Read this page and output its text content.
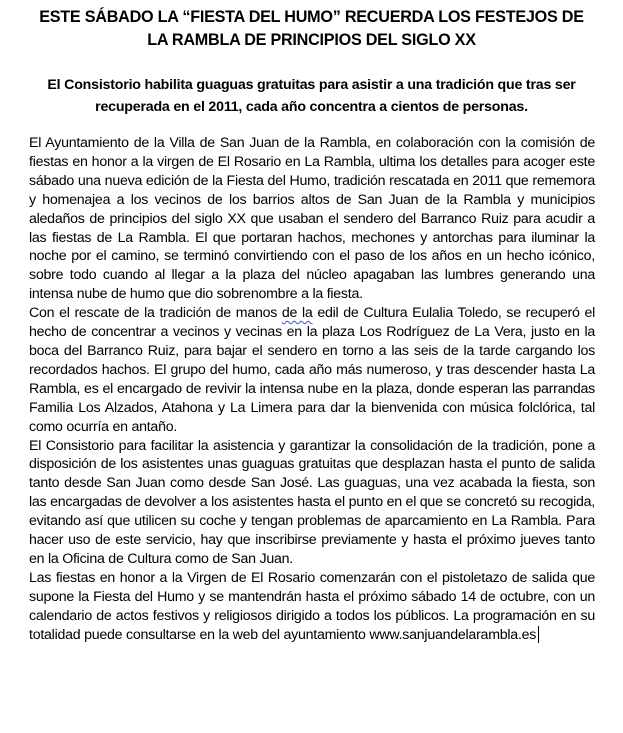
ESTE SÁBADO LA “FIESTA DEL HUMO” RECUERDA LOS FESTEJOS DE LA RAMBLA DE PRINCIPIOS DEL SIGLO XX
El Consistorio habilita guaguas gratuitas para asistir a una tradición que tras ser recuperada en el 2011, cada año concentra a cientos de personas.

El Ayuntamiento de la Villa de San Juan de la Rambla, en colaboración con la comisión de fiestas en honor a la virgen de El Rosario en La Rambla, ultima los detalles para acoger este sábado una nueva edición de la Fiesta del Humo, tradición rescatada en 2011 que rememora y homenajea a los vecinos de los barrios altos de San Juan de la Rambla y municipios aledaños de principios del siglo XX que usaban el sendero del Barranco Ruiz para acudir a las fiestas de La Rambla. El que portaran hachos, mechones y antorchas para iluminar la noche por el camino, se terminó convirtiendo con el paso de los años en un hecho icónico, sobre todo cuando al llegar a la plaza del núcleo apagaban las lumbres generando una intensa nube de humo que dio sobrenombre a la fiesta.

Con el rescate de la tradición de manos de la edil de Cultura Eulalia Toledo, se recuperó el hecho de concentrar a vecinos y vecinas en la plaza Los Rodríguez de La Vera, justo en la boca del Barranco Ruiz, para bajar el sendero en torno a las seis de la tarde cargando los recordados hachos. El grupo del humo, cada año más numeroso, y tras descender hasta La Rambla, es el encargado de revivir la intensa nube en la plaza, donde esperan las parrandas Familia Los Alzados, Atahona y La Limera para dar la bienvenida con música folclórica, tal como ocurría en antaño.

El Consistorio para facilitar la asistencia y garantizar la consolidación de la tradición, pone a disposición de los asistentes unas guaguas gratuitas que desplazan hasta el punto de salida tanto desde San Juan como desde San José. Las guaguas, una vez acabada la fiesta, son las encargadas de devolver a los asistentes hasta el punto en el que se concretó su recogida, evitando así que utilicen su coche y tengan problemas de aparcamiento en La Rambla. Para hacer uso de este servicio, hay que inscribirse previamente y hasta el próximo jueves tanto en la Oficina de Cultura como de San Juan.

Las fiestas en honor a la Virgen de El Rosario comenzarán con el pistoletazo de salida que supone la Fiesta del Humo y se mantendrán hasta el próximo sábado 14 de octubre, con un calendario de actos festivos y religiosos dirigido a todos los públicos. La programación en su totalidad puede consultarse en la web del ayuntamiento www.sanjuandelarambla.es
